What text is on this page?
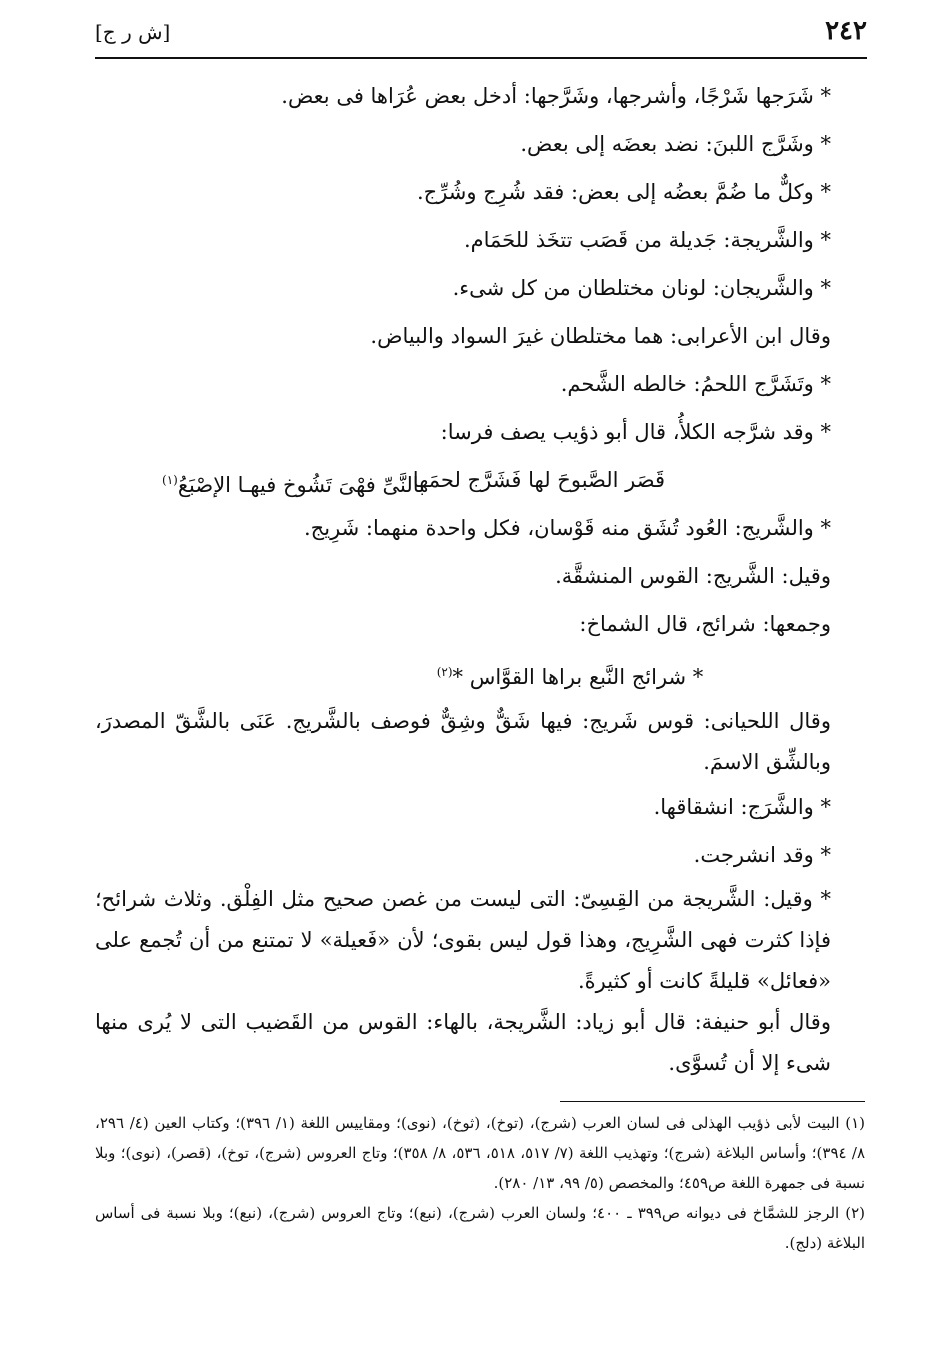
٢٤٢
[ش ر ج]

* شَرَجها شَرْجًا، وأشرجها، وشَرَّجها: أدخل بعض عُرَاها فى بعض.

* وشَرَّج اللبنَ: نضد بعضَه إلى بعض.

* وكلٌّ ما ضُمَّ بعضُه إلى بعض: فقد شُرِج وشُرِّج.

* والشَّريجة: جَديلة من قَصَب تتخَذ للحَمَام.

* والشَّريجان: لونان مختلطان من كل شىء.

وقال ابن الأعرابى: هما مختلطان غيرَ السواد والبياض.

* وتَشَرَّج اللحمُ: خالطه الشَّحم.

* وقد شرَّجه الكلأُ، قال أبو ذؤيب يصف فرسا:

قَصَر الصَّبوحَ لها فَشَرَّج لحمَها
بالنَّىِّ فهْىَ تَشُوخ فيهـا الإصْبَعُ$^{(١)}$

* والشَّريج: العُود تُشَق منه قَوْسان، فكل واحدة منهما: شَرِيج.

وقيل: الشَّريج: القوس المنشقَّة.

وجمعها: شرائج، قال الشماخ:

* شرائج النَّبع براها القوَّاس *$^{(٢)}$

وقال اللحيانى: قوس شَريج: فيها شَقٌّ وشِقٌّ فوصف بالشَّريج. عَنَى بالشَّقّ المصدرَ، وبالشِّق الاسمَ.

* والشَّرَج: انشقاقها.

* وقد انشرجت.

* وقيل: الشَّريجة من القِسِىّ: التى ليست من غصن صحيح مثل الفِلْق. وثلاث شرائح؛ فإذا كثرت فهى الشَّرِيج، وهذا قول ليس بقوى؛ لأن «فَعيلة» لا تمتنع من أن تُجمع على «فعائل» قليلةً كانت أو كثيرةً.

وقال أبو حنيفة: قال أبو زياد: الشَّريجة، بالهاء: القوس من القَضيب التى لا يُرى منها شىء إلا أن تُسوَّى.

(١) البيت لأبى ذؤيب الهذلى فى لسان العرب (شرج)، (توخ)، (ثوخ)، (نوى)؛ ومقاييس اللغة (١/ ٣٩٦)؛ وكتاب العين (٤/ ٢٩٦، ٨/ ٣٩٤)؛ وأساس البلاغة (شرج)؛ وتهذيب اللغة (٧/ ٥١٧، ٥١٨، ٥٣٦، ٨/ ٣٥٨)؛ وتاج العروس (شرج)، توخ)، (قصر)، (نوى)؛ وبلا نسبة فى جمهرة اللغة ص٤٥٩؛ والمخصص (٥/ ٩٩، ١٣/ ٢٨٠).

(٢) الرجز للشمَّاخ فى ديوانه ص٣٩٩ ـ ٤٠٠؛ ولسان العرب (شرج)، (نبع)؛ وتاج العروس (شرج)، (نبع)؛ وبلا نسبة فى أساس البلاغة (دلج).
